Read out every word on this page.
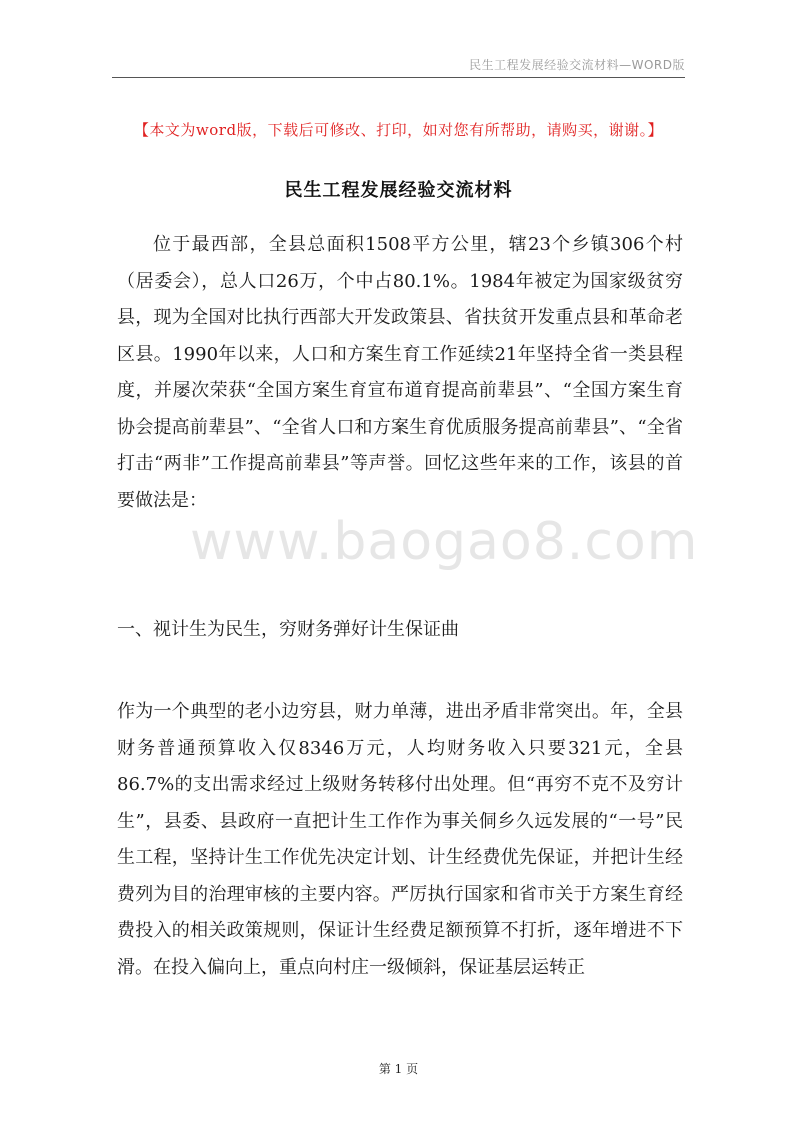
www.baogao8.com
民生工程发展经验交流材料—WORD版
【本文为word版，下载后可修改、打印，如对您有所帮助，请购买，谢谢。】
民生工程发展经验交流材料

位于最西部，全县总面积1508平方公里，辖23个乡镇306个村（居委会），总人口26万，个中占80.1%。1984年被定为国家级贫穷县，现为全国对比执行西部大开发政策县、省扶贫开发重点县和革命老区县。1990年以来，人口和方案生育工作延续21年坚持全省一类县程度，并屡次荣获“全国方案生育宣布道育提高前辈县”、“全国方案生育协会提高前辈县”、“全省人口和方案生育优质服务提高前辈县”、“全省打击“两非”工作提高前辈县”等声誉。回忆这些年来的工作，该县的首要做法是：

一、视计生为民生，穷财务弹好计生保证曲

作为一个典型的老小边穷县，财力单薄，进出矛盾非常突出。年，全县财务普通预算收入仅8346万元，人均财务收入只要321元，全县86.7%的支出需求经过上级财务转移付出处理。但“再穷不克不及穷计生”，县委、县政府一直把计生工作作为事关侗乡久远发展的“一号”民生工程，坚持计生工作优先决定计划、计生经费优先保证，并把计生经费列为目的治理审核的主要内容。严厉执行国家和省市关于方案生育经费投入的相关政策规则，保证计生经费足额预算不打折，逐年增进不下滑。在投入偏向上，重点向村庄一级倾斜，保证基层运转正

第 1 页
